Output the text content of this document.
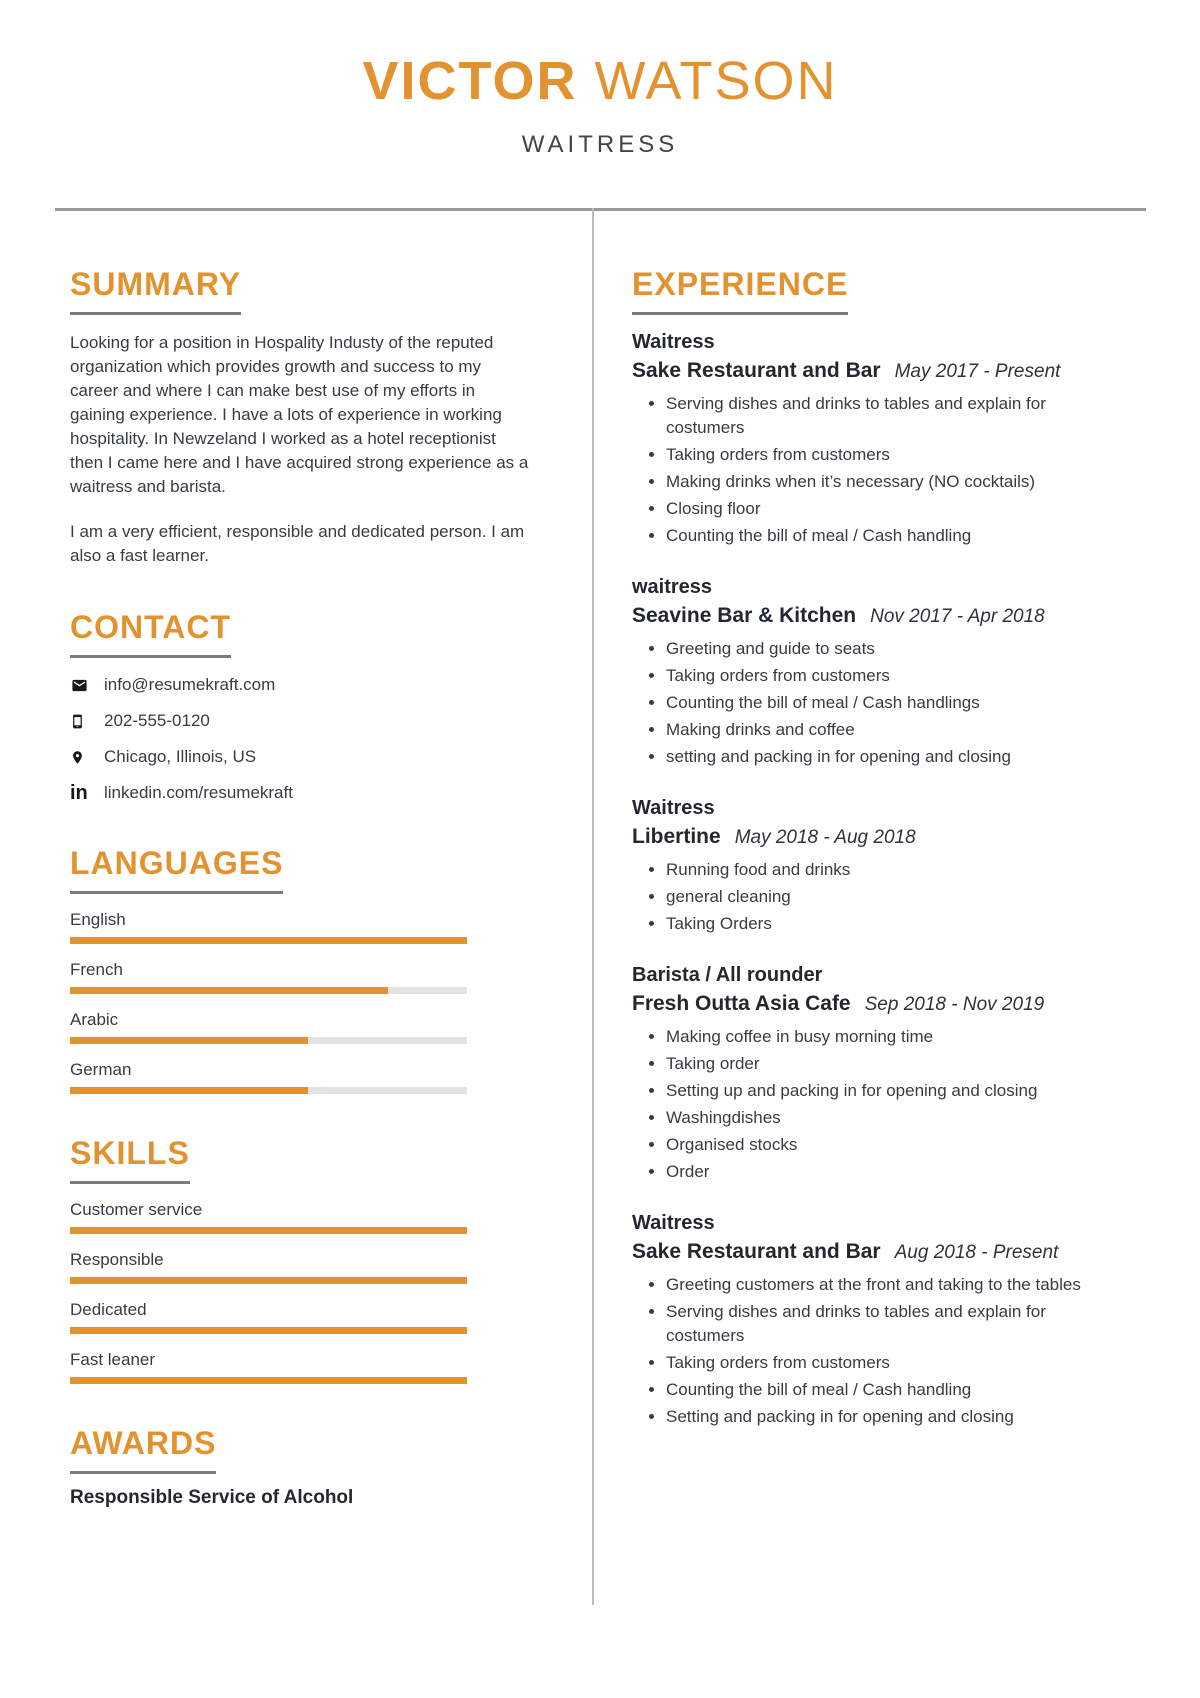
VICTOR WATSON
WAITRESS
SUMMARY

Looking for a position in Hospality Industy of the reputed organization which provides growth and success to my career and where I can make best use of my efforts in gaining experience. I have a lots of experience in working hospitality. In Newzeland I worked as a hotel receptionist then I came here and I have acquired strong experience as a waitress and barista.

I am a very efficient, responsible and dedicated person. I am also a fast learner.

CONTACT
info@resumekraft.com
202-555-0120
Chicago, Illinois, US
in linkedin.com/resumekraft
LANGUAGES
English
French
Arabic
German
SKILLS
Customer service
Responsible
Dedicated
Fast leaner
AWARDS
Responsible Service of Alcohol
EXPERIENCE
Waitress
Sake Restaurant and Bar May 2017 - Present
• Serving dishes and drinks to tables and explain for costumers
• Taking orders from customers
• Making drinks when it’s necessary (NO cocktails)
• Closing floor
• Counting the bill of meal / Cash handling
waitress
Seavine Bar & Kitchen Nov 2017 - Apr 2018
• Greeting and guide to seats
• Taking orders from customers
• Counting the bill of meal / Cash handlings
• Making drinks and coffee
• setting and packing in for opening and closing
Waitress
Libertine May 2018 - Aug 2018
• Running food and drinks
• general cleaning
• Taking Orders
Barista / All rounder
Fresh Outta Asia Cafe Sep 2018 - Nov 2019
• Making coffee in busy morning time
• Taking order
• Setting up and packing in for opening and closing
• Washingdishes
• Organised stocks
• Order
Waitress
Sake Restaurant and Bar Aug 2018 - Present
• Greeting customers at the front and taking to the tables
• Serving dishes and drinks to tables and explain for costumers
• Taking orders from customers
• Counting the bill of meal / Cash handling
• Setting and packing in for opening and closing
